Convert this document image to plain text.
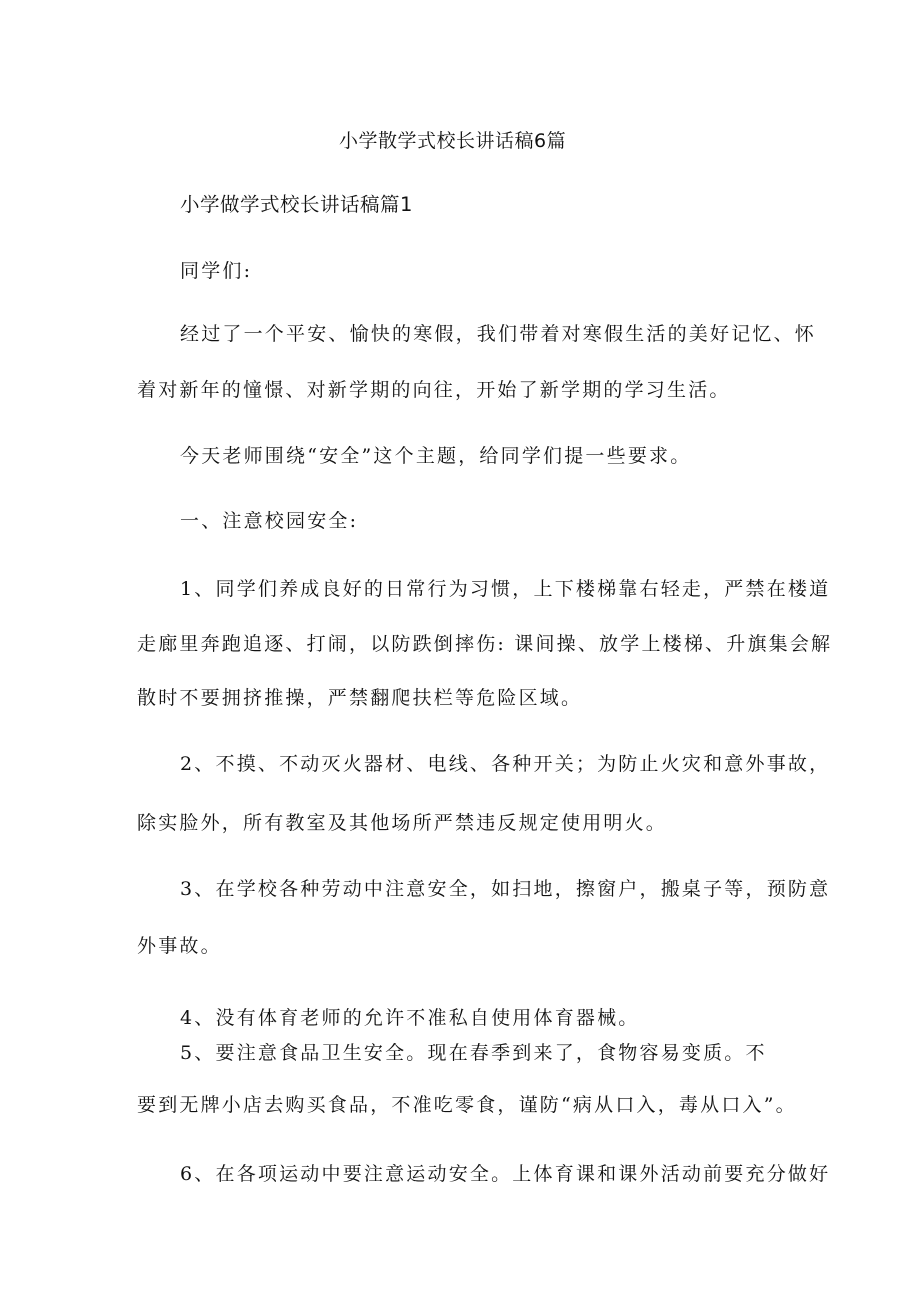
小学散学式校长讲话稿6篇
小学做学式校长讲话稿篇1
同学们:
经过了一个平安、愉快的寒假，我们带着对寒假生活的美好记忆、怀
着对新年的憧憬、对新学期的向往，开始了新学期的学习生活。
今天老师围绕“安全”这个主题，给同学们提一些要求。
一、注意校园安全:
1、同学们养成良好的日常行为习惯，上下楼梯靠右轻走，严禁在楼道
走廊里奔跑追逐、打闹，以防跌倒摔伤: 课间操、放学上楼梯、升旗集会解
散时不要拥挤推操，严禁翻爬扶栏等危险区域。
2、不摸、不动灭火器材、电线、各种开关；为防止火灾和意外事故，
除实脸外，所有教室及其他场所严禁违反规定使用明火。
3、在学校各种劳动中注意安全，如扫地，擦窗户，搬桌子等，预防意
外事故。
4、没有体育老师的允许不准私自使用体育器械。
5、要注意食品卫生安全。现在春季到来了，食物容易变质。不
要到无牌小店去购买食品，不准吃零食，谨防“病从口入，毒从口入”。
6、在各项运动中要注意运动安全。上体育课和课外活动前要充分做好
